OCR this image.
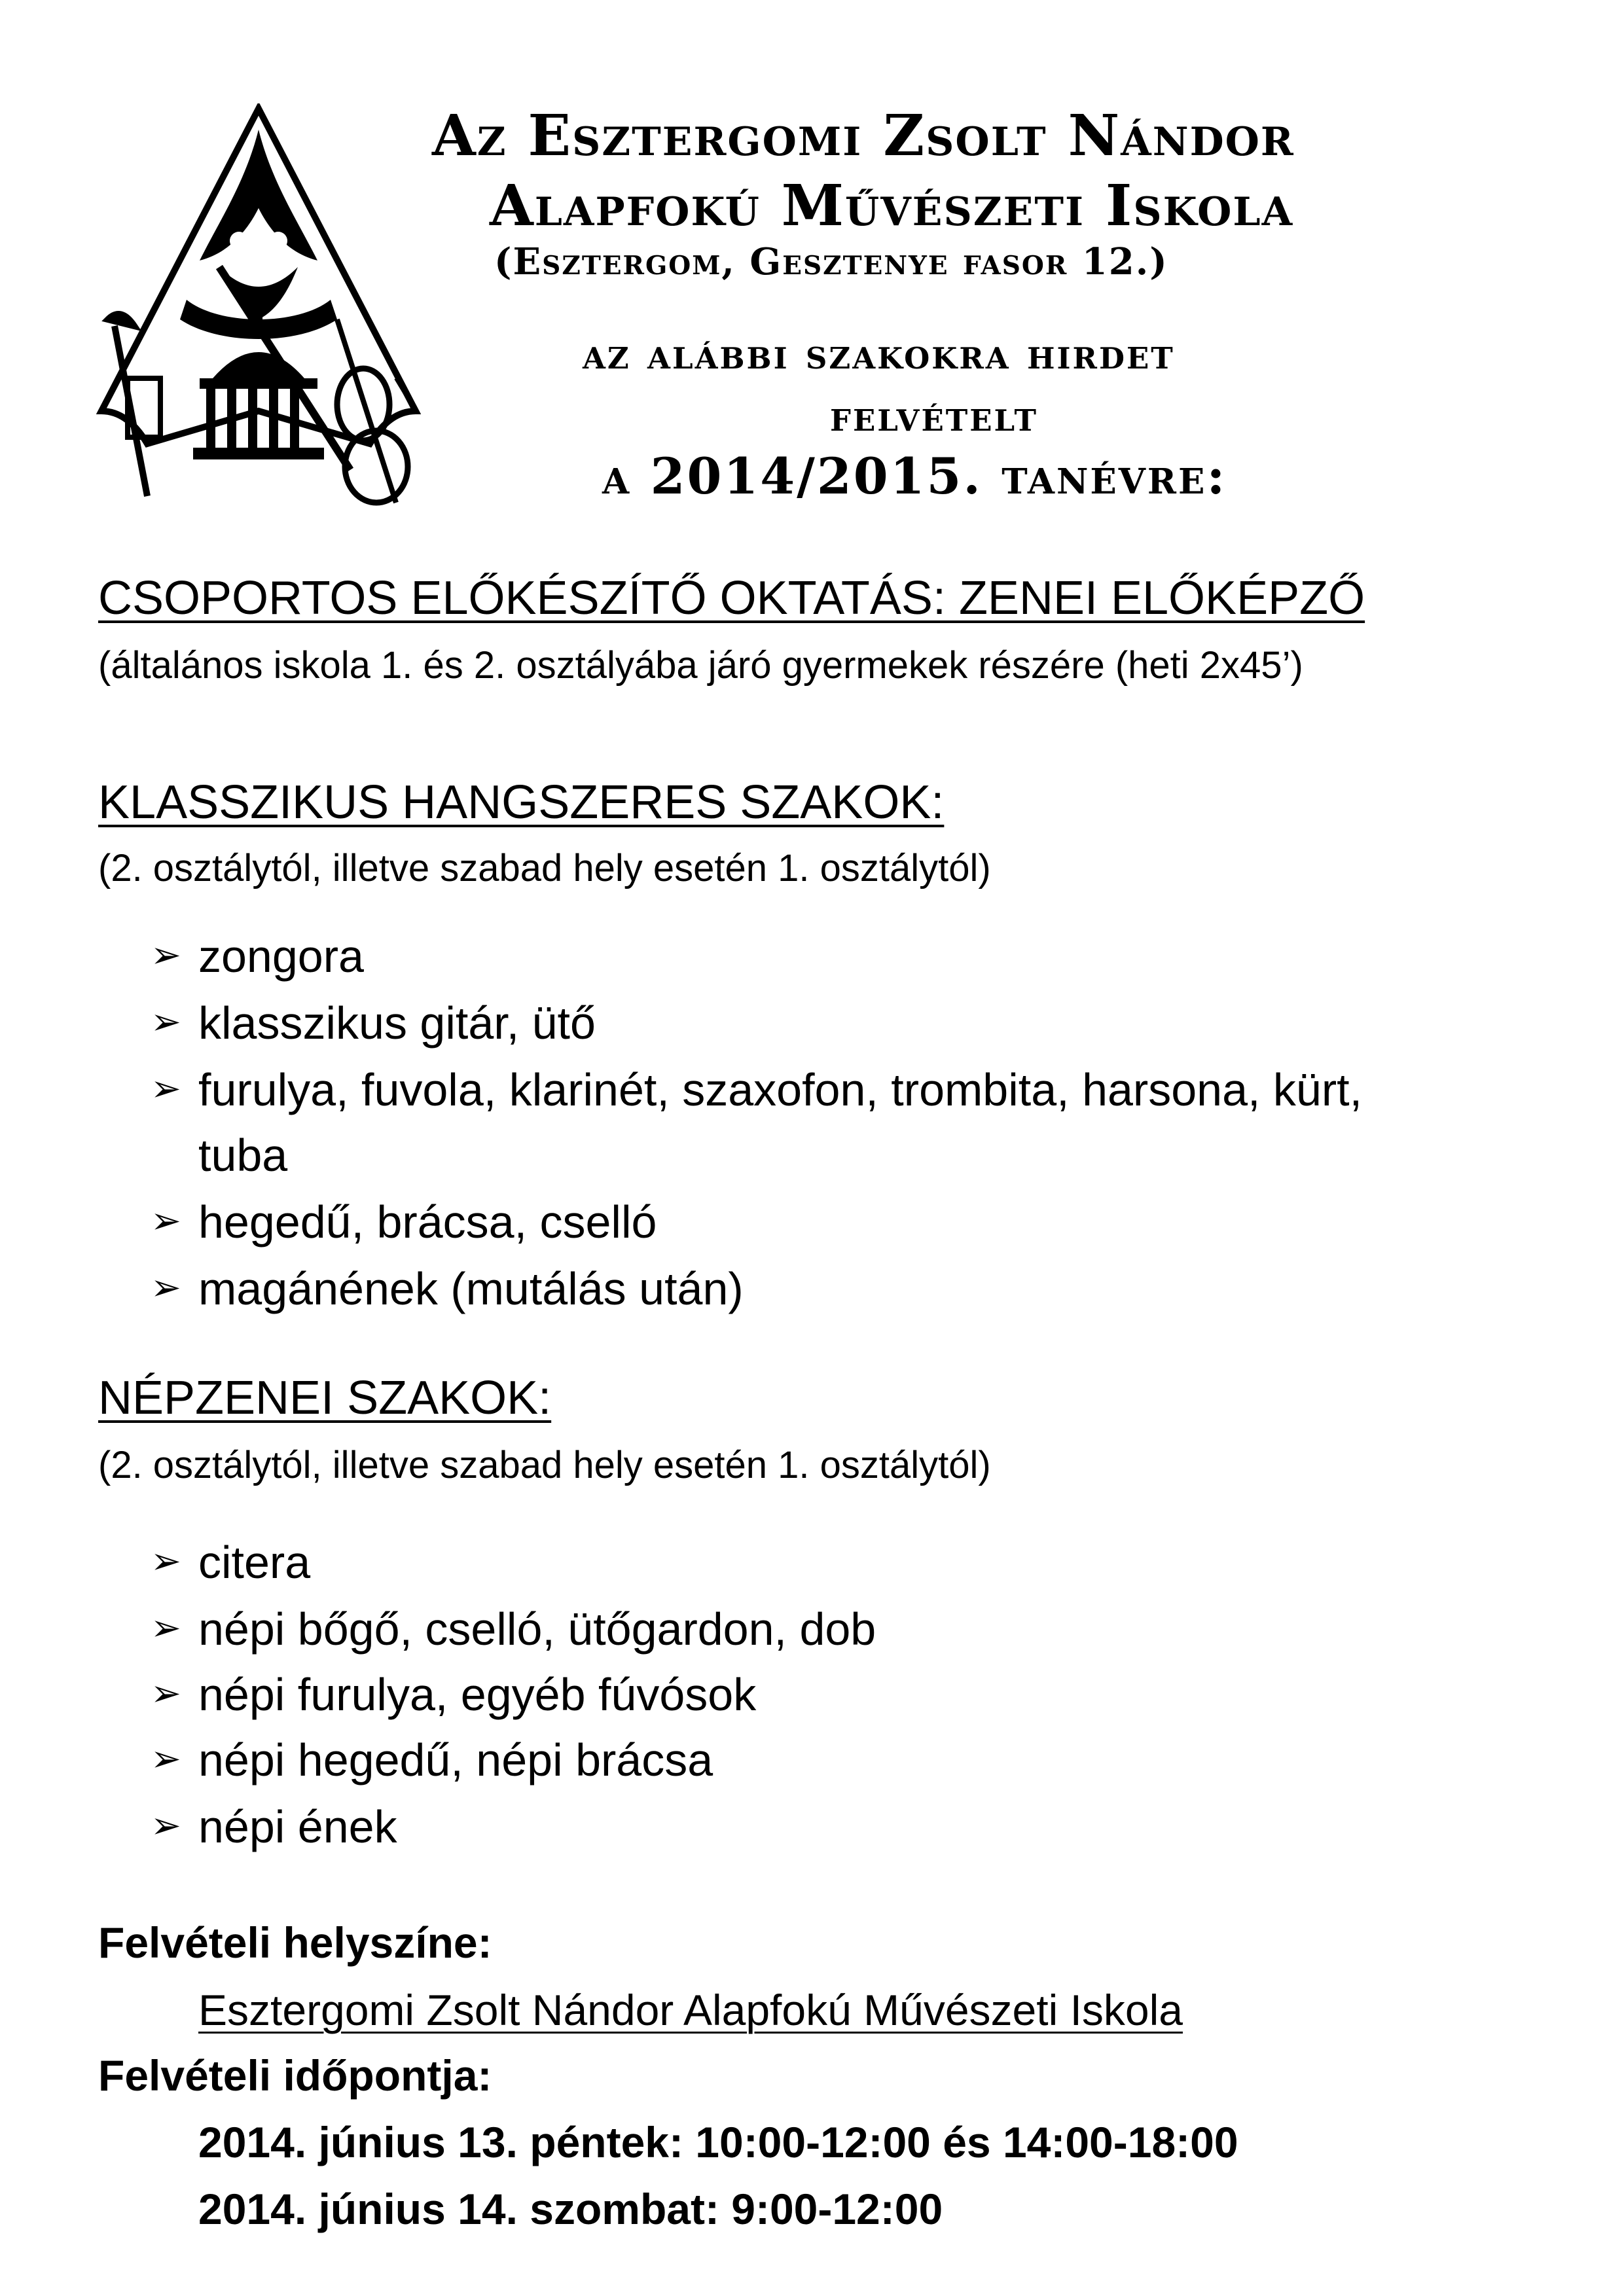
Az Esztergomi Zsolt Nándor
Alapfokú Művészeti Iskola
(Esztergom, Gesztenye fasor 12.)
az alábbi szakokra hirdet
felvételt
a 2014/2015. tanévre:
CSOPORTOS ELŐKÉSZÍTŐ OKTATÁS: ZENEI ELŐKÉPZŐ
(általános iskola 1. és 2. osztályába járó gyermekek részére (heti 2x45’)
KLASSZIKUS HANGSZERES SZAKOK:
(2. osztálytól, illetve szabad hely esetén 1. osztálytól)
➢ zongora
➢ klasszikus gitár, ütő
➢ furulya, fuvola, klarinét, szaxofon, trombita, harsona, kürt,
tuba
➢ hegedű, brácsa, cselló
➢ magánének (mutálás után)
NÉPZENEI SZAKOK:
(2. osztálytól, illetve szabad hely esetén 1. osztálytól)
➢ citera
➢ népi bőgő, cselló, ütőgardon, dob
➢ népi furulya, egyéb fúvósok
➢ népi hegedű, népi brácsa
➢ népi ének
Felvételi helyszíne:
Esztergomi Zsolt Nándor Alapfokú Művészeti Iskola
Felvételi időpontja:
2014. június 13. péntek: 10:00-12:00 és 14:00-18:00
2014. június 14. szombat: 9:00-12:00
